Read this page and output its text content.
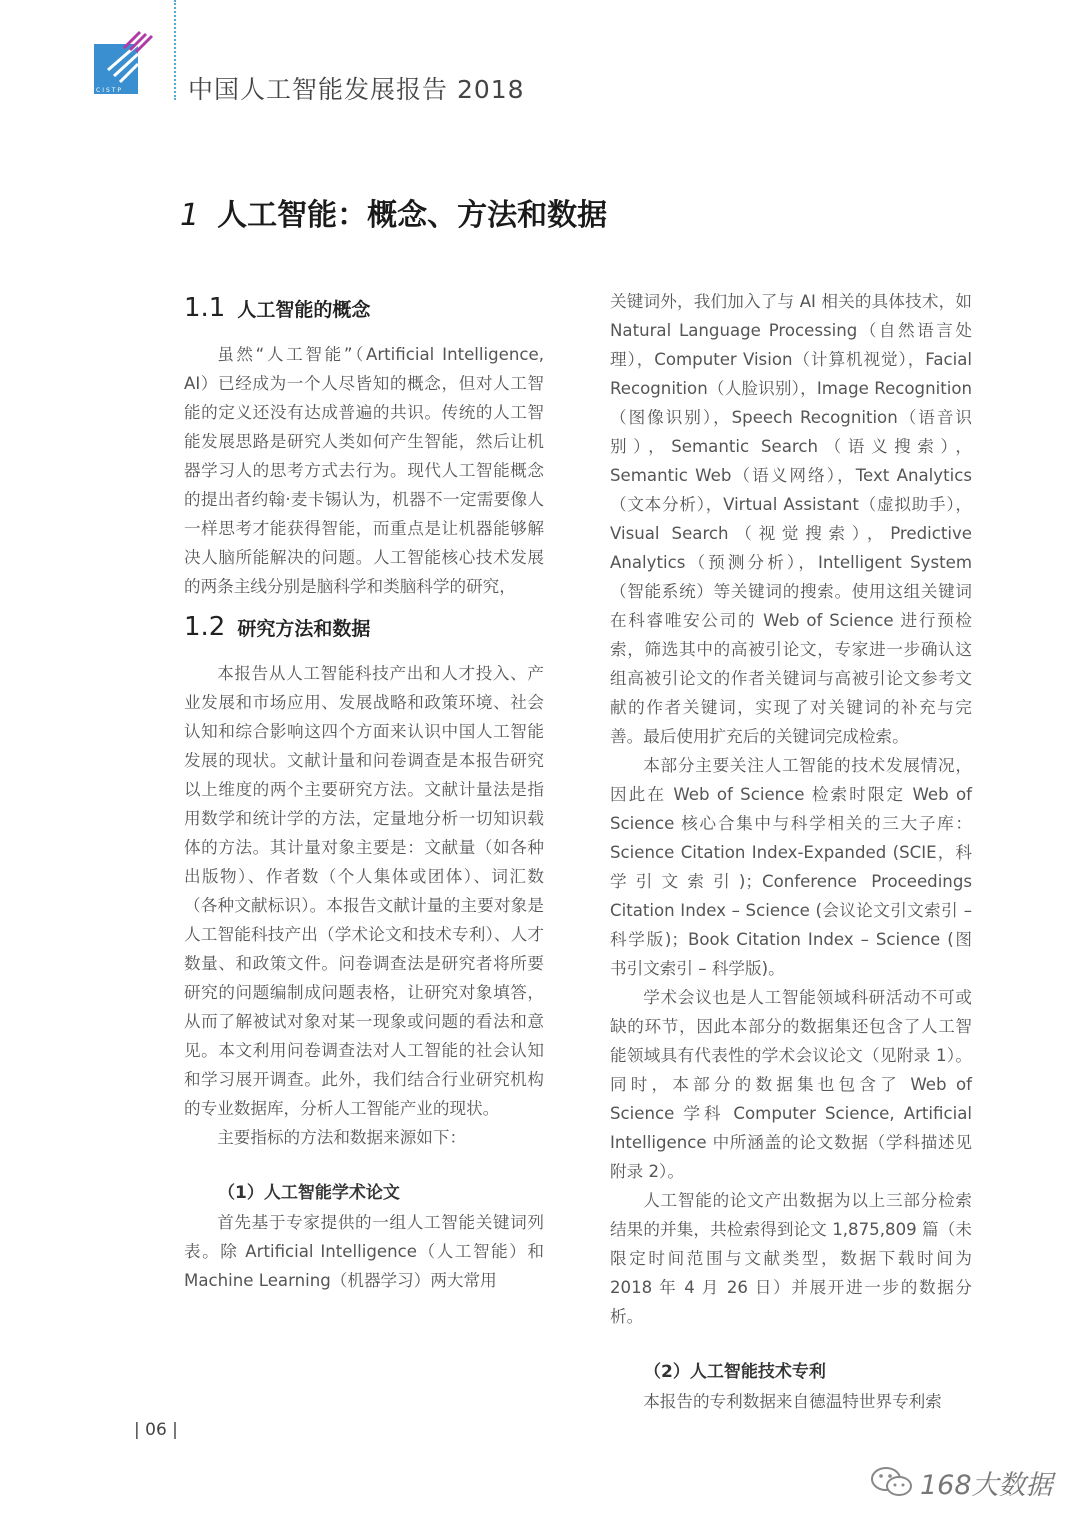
CISTP	中国人工智能发展报告 2018
1 人工智能：概念、方法和数据
1.1 人工智能的概念

虽然“人工智能”（Artificial Intelligence, AI）已经成为一个人尽皆知的概念，但对人工智能的定义还没有达成普遍的共识。传统的人工智能发展思路是研究人类如何产生智能，然后让机器学习人的思考方式去行为。现代人工智能概念的提出者约翰·麦卡锡认为，机器不一定需要像人一样思考才能获得智能，而重点是让机器能够解决人脑所能解决的问题。人工智能核心技术发展的两条主线分别是脑科学和类脑科学的研究，

1.2 研究方法和数据

本报告从人工智能科技产出和人才投入、产业发展和市场应用、发展战略和政策环境、社会认知和综合影响这四个方面来认识中国人工智能发展的现状。文献计量和问卷调查是本报告研究以上维度的两个主要研究方法。文献计量法是指用数学和统计学的方法，定量地分析一切知识载体的方法。其计量对象主要是：文献量（如各种出版物）、作者数（个人集体或团体）、词汇数（各种文献标识）。本报告文献计量的主要对象是人工智能科技产出（学术论文和技术专利）、人才数量、和政策文件。问卷调查法是研究者将所要研究的问题编制成问题表格，让研究对象填答，从而了解被试对象对某一现象或问题的看法和意见。本文利用问卷调查法对人工智能的社会认知和学习展开调查。此外，我们结合行业研究机构的专业数据库，分析人工智能产业的现状。

主要指标的方法和数据来源如下：

（1）人工智能学术论文

首先基于专家提供的一组人工智能关键词列表。除 Artificial Intelligence（人工智能）和 Machine Learning（机器学习）两大常用

关键词外，我们加入了与 AI 相关的具体技术，如 Natural Language Processing（自然语言处理），Computer Vision（计算机视觉），Facial Recognition（人脸识别），Image Recognition（图像识别），Speech Recognition（语音识别），Semantic Search（语义搜索），Semantic Web（语义网络），Text Analytics（文本分析），Virtual Assistant（虚拟助手），Visual Search（视觉搜索），Predictive Analytics（预测分析），Intelligent System（智能系统）等关键词的搜索。使用这组关键词在科睿唯安公司的 Web of Science 进行预检索，筛选其中的高被引论文，专家进一步确认这组高被引论文的作者关键词与高被引论文参考文献的作者关键词，实现了对关键词的补充与完善。最后使用扩充后的关键词完成检索。

本部分主要关注人工智能的技术发展情况，因此在 Web of Science 检索时限定 Web of Science 核心合集中与科学相关的三大子库：Science Citation Index-Expanded (SCIE，科学引文索引)；Conference Proceedings Citation Index – Science (会议论文引文索引 – 科学版)；Book Citation Index – Science (图书引文索引 – 科学版)。

学术会议也是人工智能领域科研活动不可或缺的环节，因此本部分的数据集还包含了人工智能领域具有代表性的学术会议论文（见附录 1）。同时，本部分的数据集也包含了 Web of Science 学科 Computer Science, Artificial Intelligence 中所涵盖的论文数据（学科描述见附录 2）。

人工智能的论文产出数据为以上三部分检索结果的并集，共检索得到论文 1,875,809 篇（未限定时间范围与文献类型，数据下载时间为 2018 年 4 月 26 日）并展开进一步的数据分析。

（2）人工智能技术专利

本报告的专利数据来自德温特世界专利索

| 06 |
168大数据
